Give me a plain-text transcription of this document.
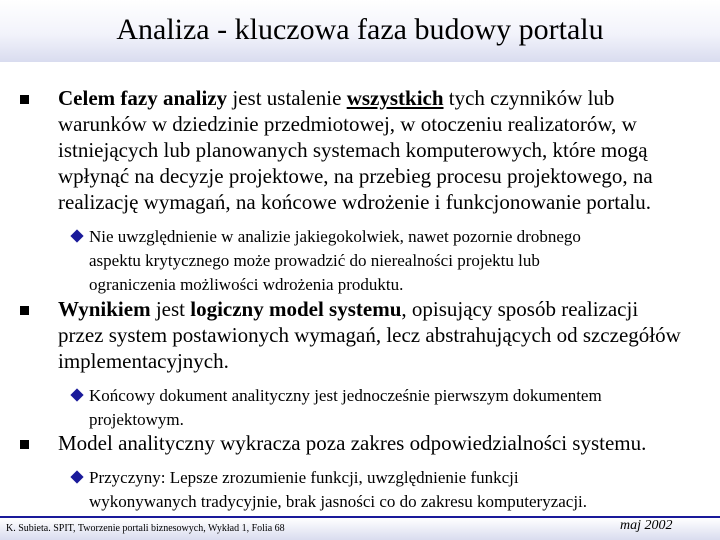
Analiza - kluczowa faza budowy portalu
Celem fazy analizy jest ustalenie wszystkich tych czynników lub
warunków w dziedzinie przedmiotowej, w otoczeniu realizatorów, w
istniejących lub planowanych systemach komputerowych, które mogą
wpłynąć na decyzje projektowe, na przebieg procesu projektowego, na
realizację wymagań, na końcowe wdrożenie i funkcjonowanie portalu.
Nie uwzględnienie w analizie jakiegokolwiek, nawet pozornie drobnego
aspektu krytycznego może prowadzić do nierealności projektu lub
ograniczenia możliwości wdrożenia produktu.
Wynikiem jest logiczny model systemu, opisujący sposób realizacji
przez system postawionych wymagań, lecz abstrahujących od szczegółów
implementacyjnych.
Końcowy dokument analityczny jest jednocześnie pierwszym dokumentem
projektowym.
Model analityczny wykracza poza zakres odpowiedzialności systemu.
Przyczyny: Lepsze zrozumienie funkcji, uwzględnienie funkcji
wykonywanych tradycyjnie, brak jasności co do zakresu komputeryzacji.
K. Subieta. SPIT, Tworzenie portali biznesowych, Wykład 1, Folia 68	maj 2002
